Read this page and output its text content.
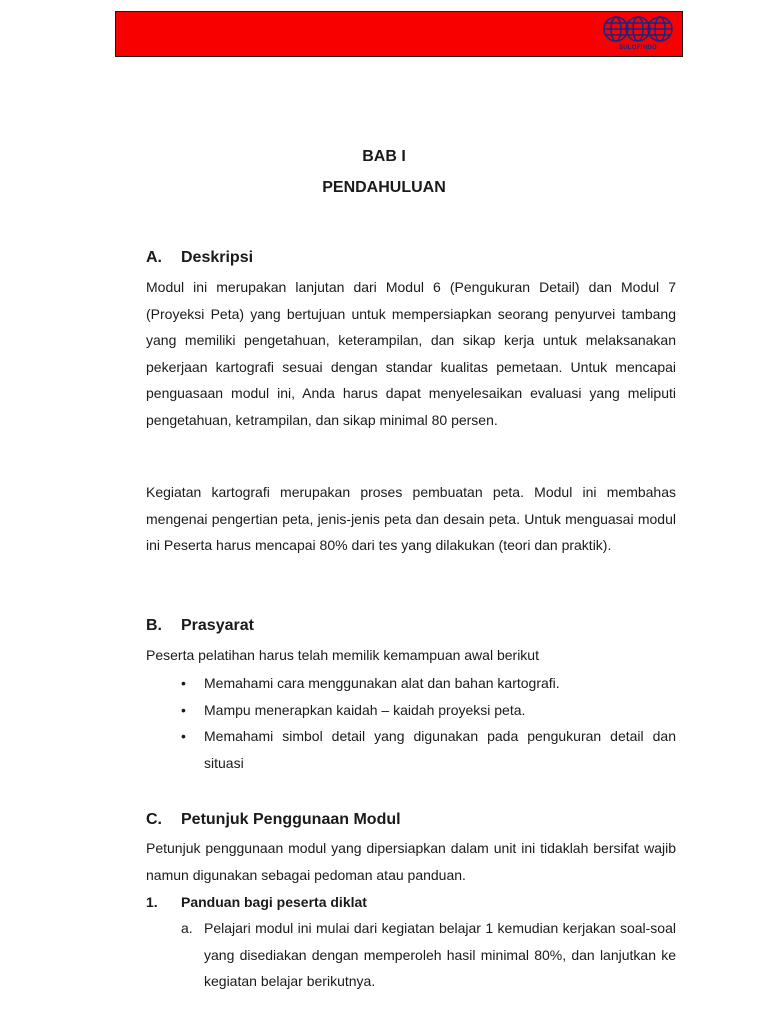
SULOFINDO
BAB I
PENDAHULUAN
A. Deskripsi

Modul ini merupakan lanjutan dari Modul 6 (Pengukuran Detail) dan Modul 7 (Proyeksi Peta) yang bertujuan untuk mempersiapkan seorang penyurvei tambang yang memiliki pengetahuan, keterampilan, dan sikap kerja untuk melaksanakan pekerjaan kartografi sesuai dengan standar kualitas pemetaan. Untuk mencapai penguasaan modul ini, Anda harus dapat menyelesaikan evaluasi yang meliputi pengetahuan, ketrampilan, dan sikap minimal 80 persen.

Kegiatan kartografi merupakan proses pembuatan peta. Modul ini membahas mengenai pengertian peta, jenis-jenis peta dan desain peta. Untuk menguasai modul ini Peserta harus mencapai 80% dari tes yang dilakukan (teori dan praktik).

B. Prasyarat

Peserta pelatihan harus telah memilik kemampuan awal berikut

• Memahami cara menggunakan alat dan bahan kartografi.
• Mampu menerapkan kaidah – kaidah proyeksi peta.
• Memahami simbol detail yang digunakan pada pengukuran detail dan situasi
C. Petunjuk Penggunaan Modul

Petunjuk penggunaan modul yang dipersiapkan dalam unit ini tidaklah bersifat wajib namun digunakan sebagai pedoman atau panduan.

1. Panduan bagi peserta diklat
a. Pelajari modul ini mulai dari kegiatan belajar 1 kemudian kerjakan soal-soal yang disediakan dengan memperoleh hasil minimal 80%, dan lanjutkan ke kegiatan belajar berikutnya.
